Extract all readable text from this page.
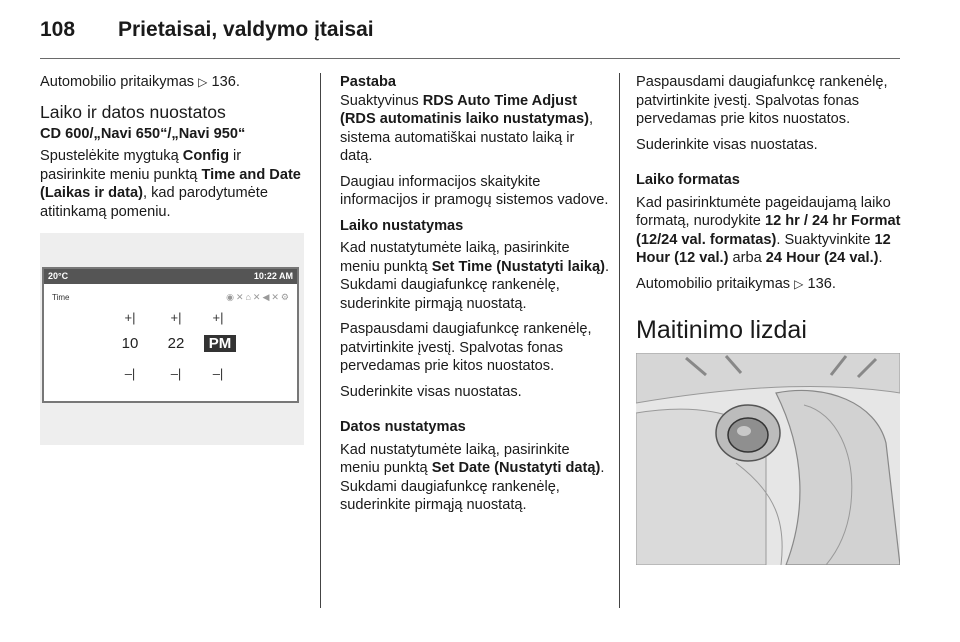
108 Prietaisai, valdymo įtaisai

Automobilio pritaikymas ▷ 136.

Laiko ir datos nuostatos
CD 600/„Navi 650“/„Navi 950“

Spustelėkite mygtuką Config ir pasirinkite meniu punktą Time and Date (Laikas ir data), kad parodytumėte atitinkamą pomeniu.

20°C	10:22 AM
Time	◉✕⌂✕◀✕⚙
+|	+|	+|
10	22	PM
–|	–|	–|

Pastaba
Suaktyvinus RDS Auto Time Adjust (RDS automatinis laiko nustatymas), sistema automatiškai nustato laiką ir datą.

Daugiau informacijos skaitykite informacijos ir pramogų sistemos vadove.

Laiko nustatymas

Kad nustatytumėte laiką, pasirinkite meniu punktą Set Time (Nustatyti laiką). Sukdami daugiafunkcę rankenėlę, suderinkite pirmąją nuostatą.

Paspausdami daugiafunkcę rankenėlę, patvirtinkite įvestį. Spalvotas fonas pervedamas prie kitos nuostatos.

Suderinkite visas nuostatas.

Datos nustatymas

Kad nustatytumėte laiką, pasirinkite meniu punktą Set Date (Nustatyti datą). Sukdami daugiafunkcę rankenėlę, suderinkite pirmąją nuostatą.

Paspausdami daugiafunkcę rankenėlę, patvirtinkite įvestį. Spalvotas fonas pervedamas prie kitos nuostatos.

Suderinkite visas nuostatas.

Laiko formatas

Kad pasirinktumėte pageidaujamą laiko formatą, nurodykite 12 hr / 24 hr Format (12/24 val. formatas). Suaktyvinkite 12 Hour (12 val.) arba 24 Hour (24 val.).

Automobilio pritaikymas ▷ 136.

Maitinimo lizdai
